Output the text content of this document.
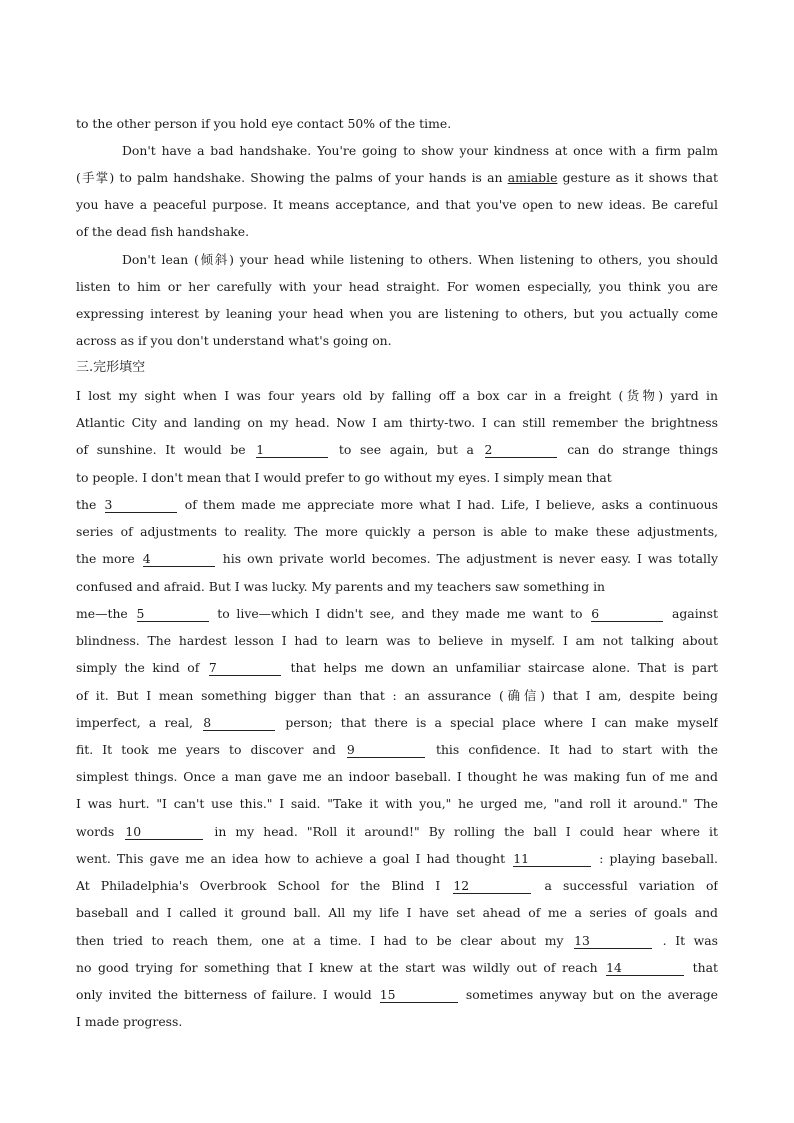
to the other person if you hold eye contact 50% of the time.
Don't have a bad handshake. You're going to show your kindness at once with a firm palm
(手掌) to palm handshake. Showing the palms of your hands is an amiable gesture as it shows that
you have a peaceful purpose. It means acceptance, and that you've open to new ideas. Be careful
of the dead fish handshake.
Don't lean (倾斜) your head while listening to others. When listening to others, you should
listen to him or her carefully with your head straight. For women especially, you think you are
expressing interest by leaning your head when you are listening to others, but you actually come
across as if you don't understand what's going on.
三.完形填空
I lost my sight when I was four years old by falling off a box car in a freight (货物) yard in
Atlantic City and landing on my head. Now I am thirty-two. I can still remember the brightness
of sunshine. It would be 1	to see again, but a 2	can do strange things
to people. I don't mean that I would prefer to go without my eyes. I simply mean that
the 3	of them made me appreciate more what I had. Life, I believe, asks a continuous
series of adjustments to reality. The more quickly a person is able to make these adjustments,
the more 4	his own private world becomes. The adjustment is never easy. I was totally
confused and afraid. But I was lucky. My parents and my teachers saw something in
me—the 5	to live—which I didn't see, and they made me want to 6	against
blindness. The hardest lesson I had to learn was to believe in myself. I am not talking about
simply the kind of 7	that helps me down an unfamiliar staircase alone. That is part
of it. But I mean something bigger than that : an assurance (确信) that I am, despite being
imperfect, a real, 8	person; that there is a special place where I can make myself
fit. It took me years to discover and 9	this confidence. It had to start with the
simplest things. Once a man gave me an indoor baseball. I thought he was making fun of me and
I was hurt. "I can't use this." I said. "Take it with you," he urged me, "and roll it around." The
words 10	in my head. "Roll it around!" By rolling the ball I could hear where it
went. This gave me an idea how to achieve a goal I had thought 11	: playing baseball.
At Philadelphia's Overbrook School for the Blind I 12	a successful variation of
baseball and I called it ground ball. All my life I have set ahead of me a series of goals and
then tried to reach them, one at a time. I had to be clear about my 13	. It was
no good trying for something that I knew at the start was wildly out of reach 14	that
only invited the bitterness of failure. I would 15	sometimes anyway but on the average
I made progress.
